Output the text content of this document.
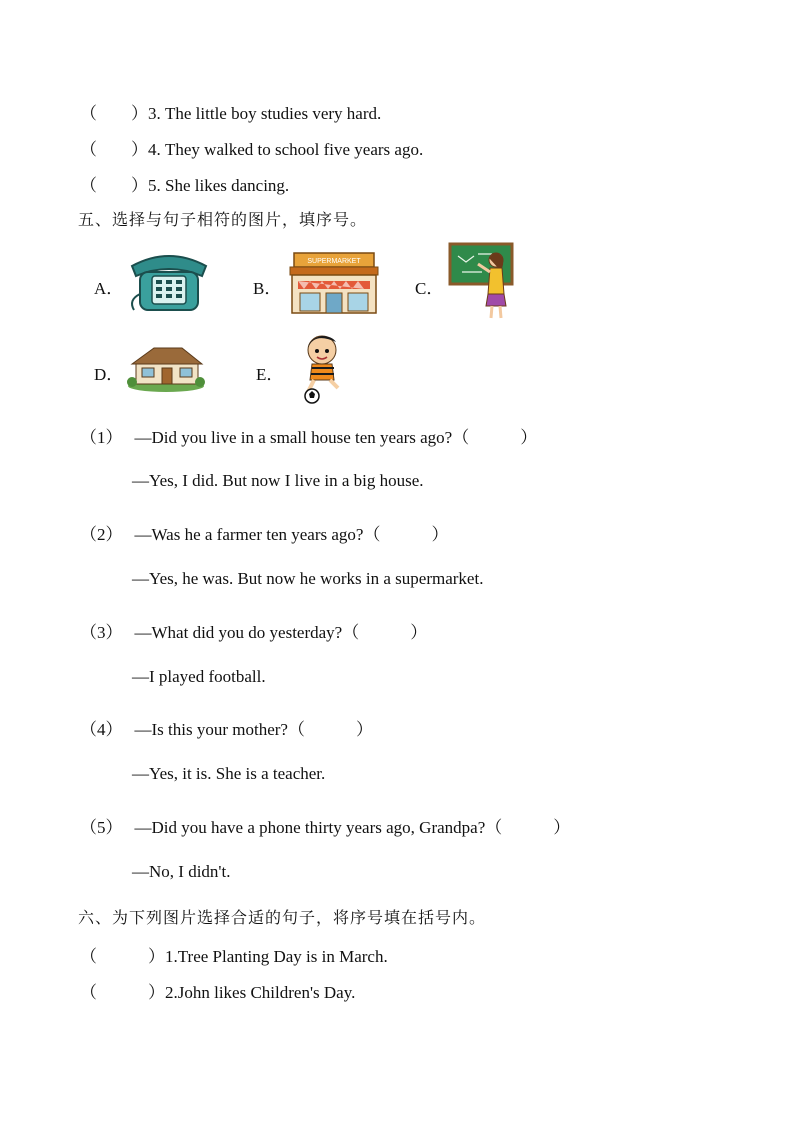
（　　）3. The little boy studies very hard.
（　　）4. They walked to school five years ago.
（　　）5. She likes dancing.
五、选择与句子相符的图片，填序号。
A．	B．
SUPERMARKET
C．
D．	E．
（1） —Did you live in a small house ten years ago?（　　　）
—Yes, I did. But now I live in a big house.
（2） —Was he a farmer ten years ago?（　　　）
—Yes, he was. But now he works in a supermarket.
（3） —What did you do yesterday?（　　　）
—I played football.
（4） —Is this your mother?（　　　）
—Yes, it is. She is a teacher.
（5） —Did you have a phone thirty years ago, Grandpa?（　　　）
—No, I didn't.
六、为下列图片选择合适的句子，将序号填在括号内。
（　　　）1.Tree Planting Day is in March.
（　　　）2.John likes Children's Day.
